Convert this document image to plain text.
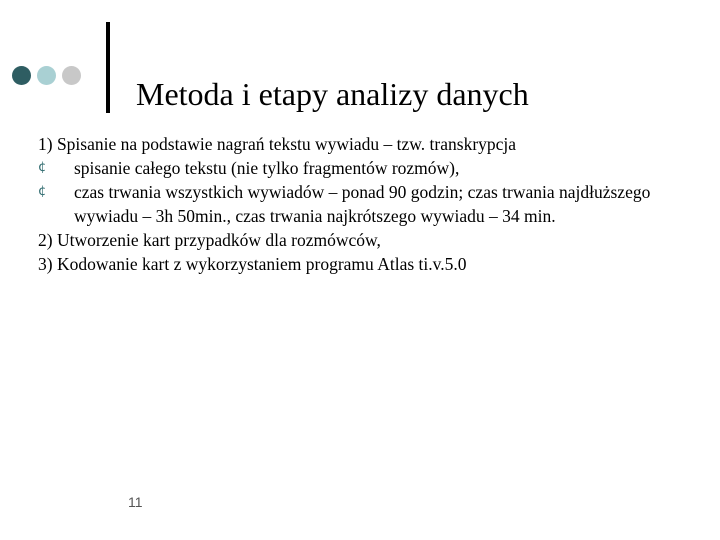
Metoda i etapy analizy danych

1) Spisanie na podstawie nagrań tekstu wywiadu – tzw. transkrypcja

¢ spisanie całego tekstu (nie tylko fragmentów rozmów),
¢ czas trwania wszystkich wywiadów – ponad 90 godzin; czas trwania najdłuższego wywiadu – 3h 50min., czas trwania najkrótszego wywiadu – 34 min.

2) Utworzenie kart przypadków dla rozmówców,

3) Kodowanie kart z wykorzystaniem programu Atlas ti.v.5.0

11
